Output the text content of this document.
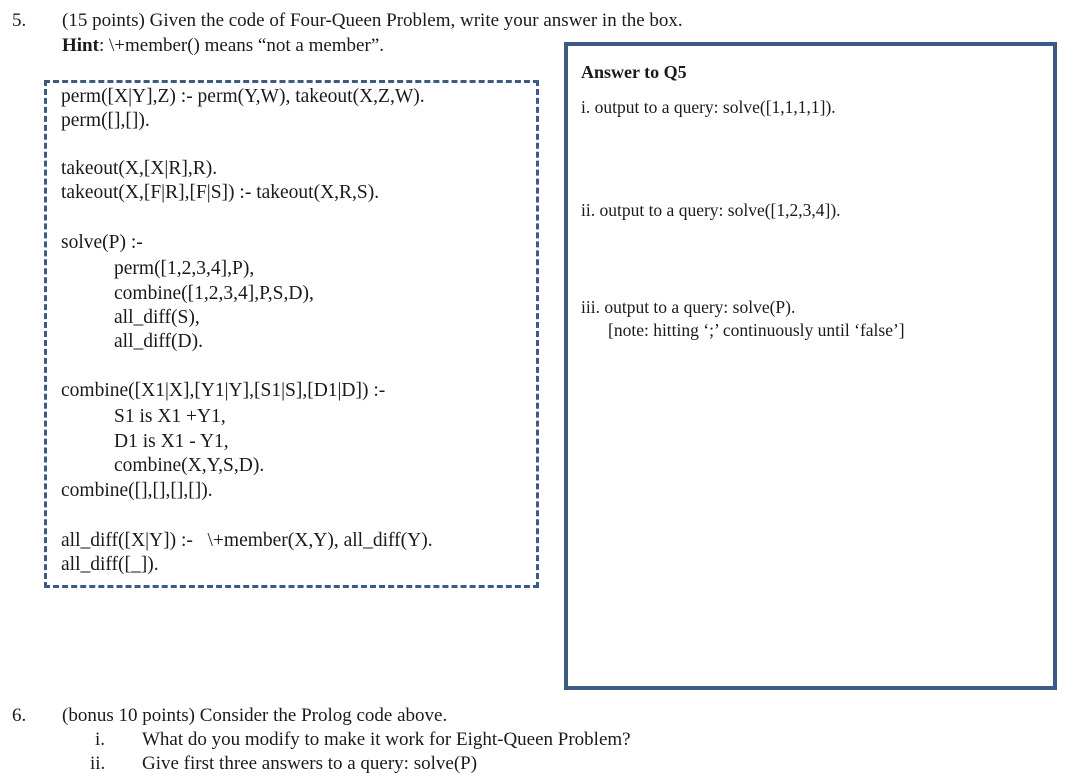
5. (15 points) Given the code of Four-Queen Problem, write your answer in the box.
Hint: \+member() means “not a member”.
perm([X|Y],Z) :- perm(Y,W), takeout(X,Z,W).
perm([],[]).
takeout(X,[X|R],R).
takeout(X,[F|R],[F|S]) :- takeout(X,R,S).
solve(P) :-
perm([1,2,3,4],P),
combine([1,2,3,4],P,S,D),
all_diff(S),
all_diff(D).
combine([X1|X],[Y1|Y],[S1|S],[D1|D]) :-
S1 is X1 +Y1,
D1 is X1 - Y1,
combine(X,Y,S,D).
combine([],[],[],[]).
all_diff([X|Y]) :-   \+member(X,Y), all_diff(Y).
all_diff([_]).
Answer to Q5
i. output to a query: solve([1,1,1,1]).
ii. output to a query: solve([1,2,3,4]).
iii. output to a query: solve(P).
[note: hitting ‘;’ continuously until ‘false’]
6. (bonus 10 points) Consider the Prolog code above.
i. What do you modify to make it work for Eight-Queen Problem?
ii. Give first three answers to a query: solve(P)
